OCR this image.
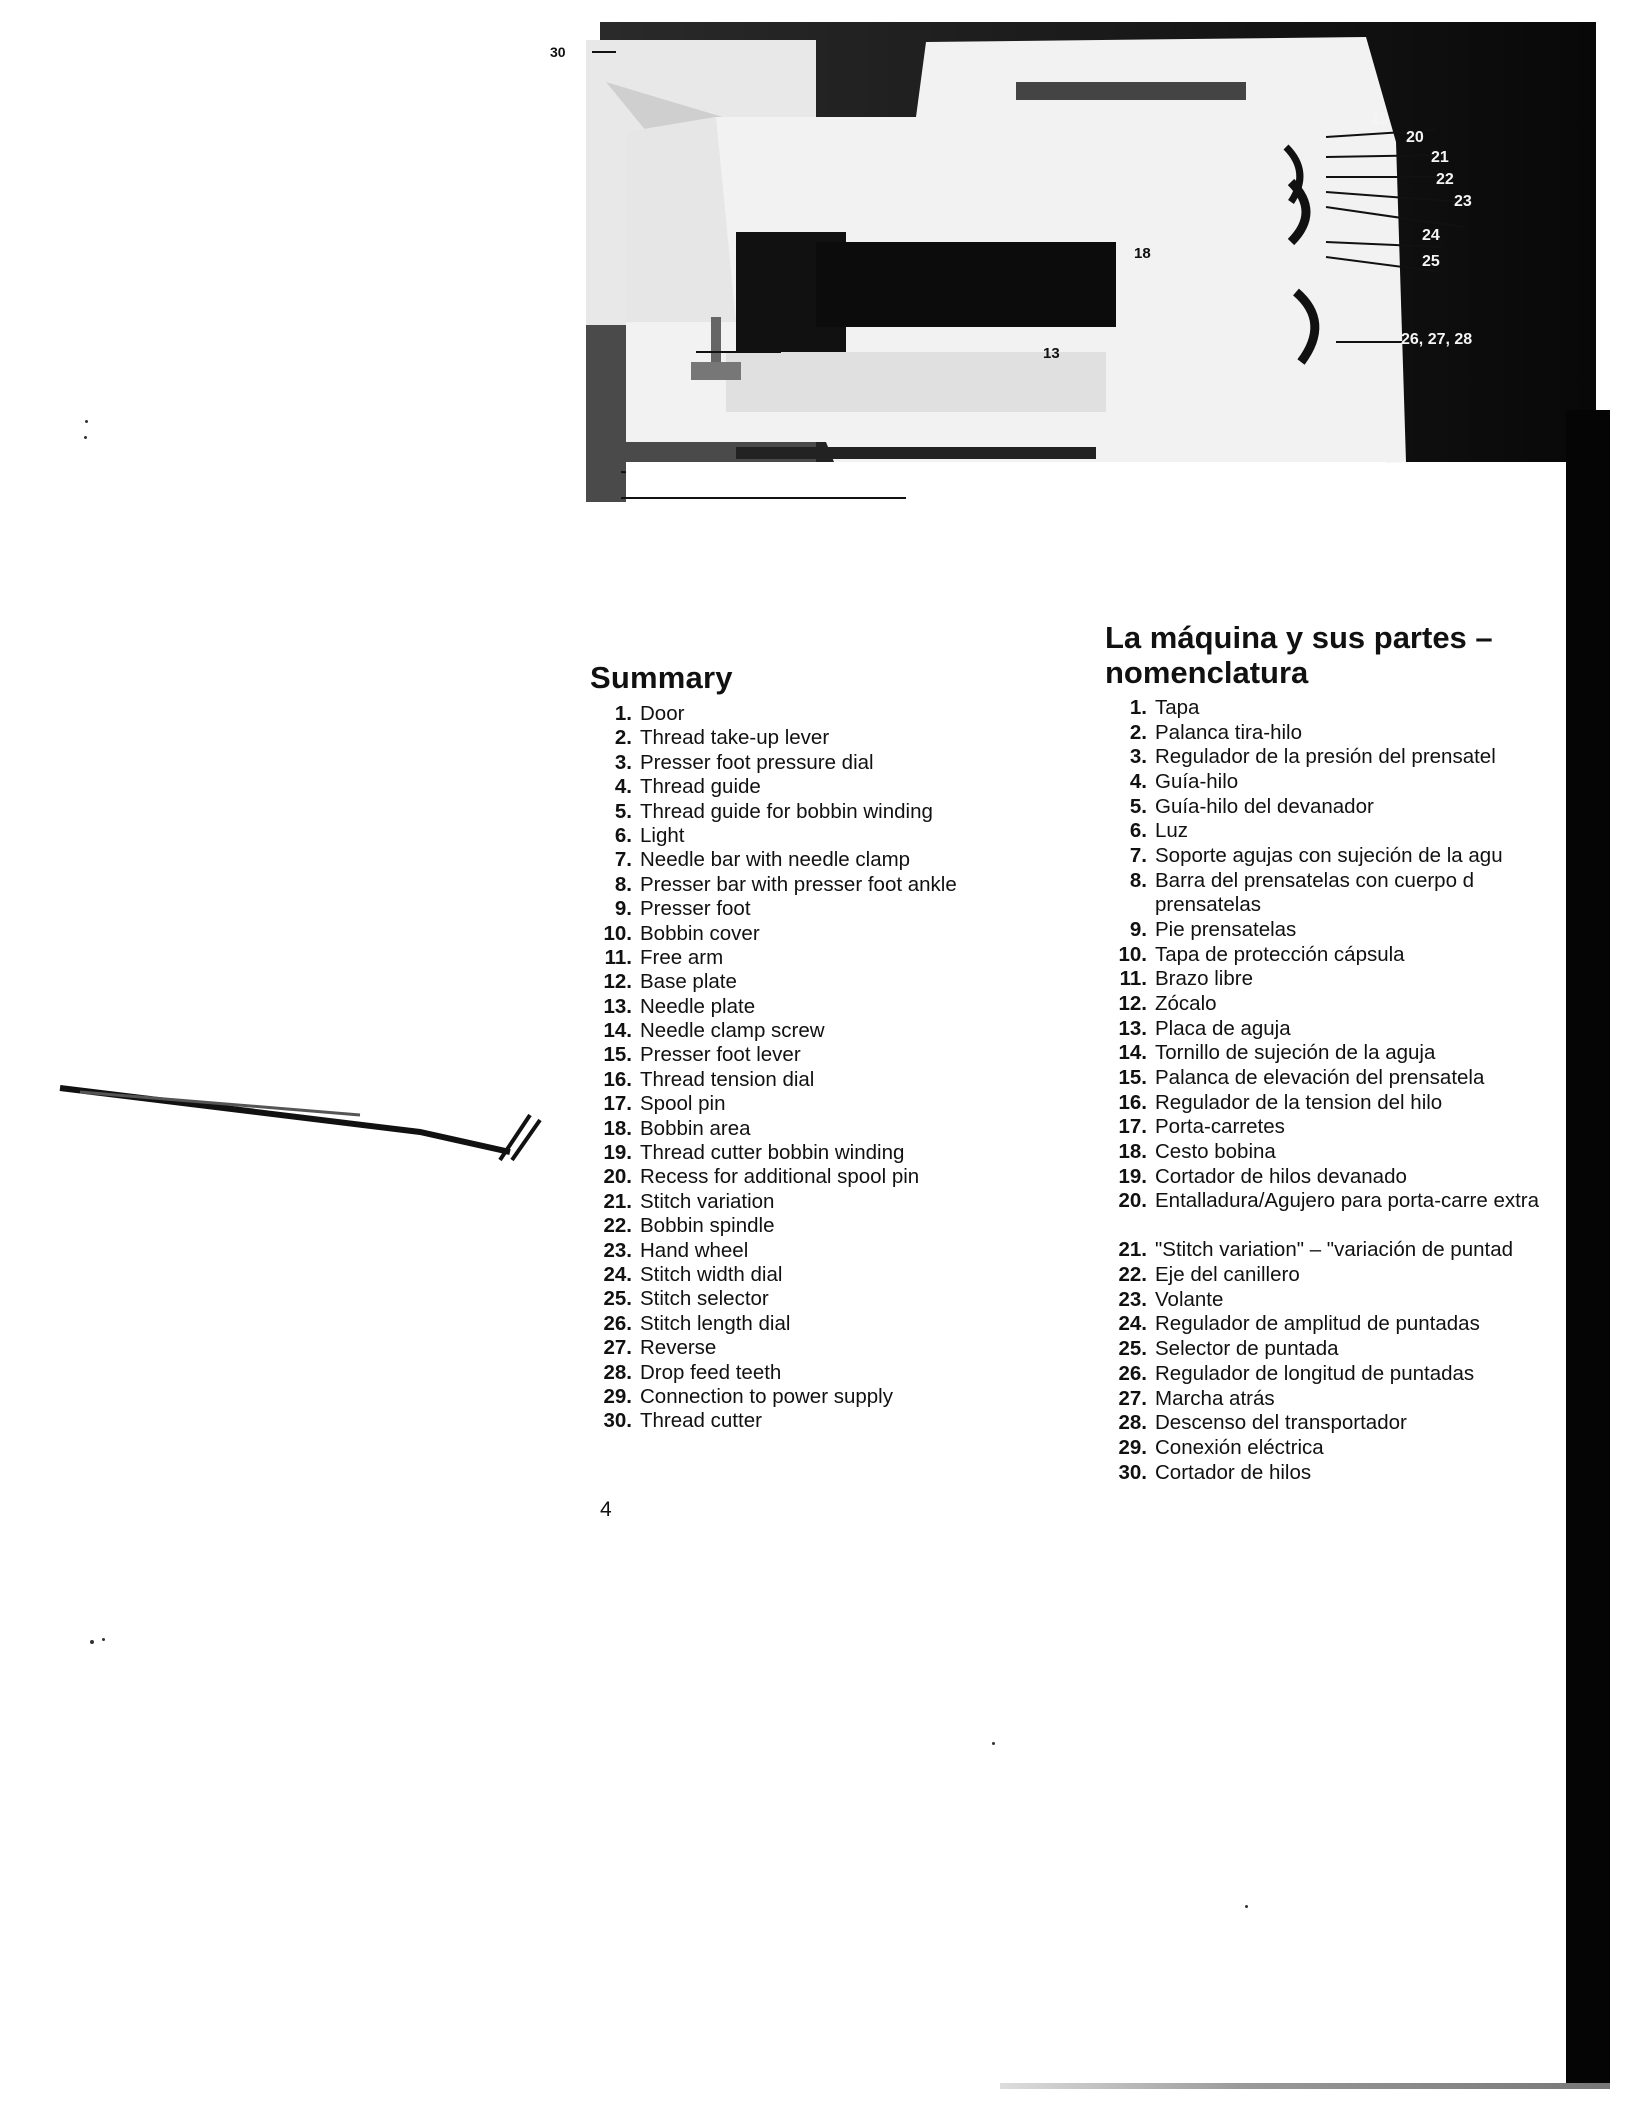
30
19
20
21
22
23
24
25
26, 27, 28
18
13
Summary
1. Door
2. Thread take-up lever
3. Presser foot pressure dial
4. Thread guide
5. Thread guide for bobbin winding
6. Light
7. Needle bar with needle clamp
8. Presser bar with presser foot ankle
9. Presser foot
10. Bobbin cover
11. Free arm
12. Base plate
13. Needle plate
14. Needle clamp screw
15. Presser foot lever
16. Thread tension dial
17. Spool pin
18. Bobbin area
19. Thread cutter bobbin winding
20. Recess for additional spool pin
21. Stitch variation
22. Bobbin spindle
23. Hand wheel
24. Stitch width dial
25. Stitch selector
26. Stitch length dial
27. Reverse
28. Drop feed teeth
29. Connection to power supply
30. Thread cutter
La máquina y sus partes –
nomenclatura
1. Tapa
2. Palanca tira-hilo
3. Regulador de la presión del prensatel
4. Guía-hilo
5. Guía-hilo del devanador
6. Luz
7. Soporte agujas con sujeción de la agu
8. Barra del prensatelas con cuerpo d prensatelas
9. Pie prensatelas
10. Tapa de protección cápsula
11. Brazo libre
12. Zócalo
13. Placa de aguja
14. Tornillo de sujeción de la aguja
15. Palanca de elevación del prensatela
16. Regulador de la tension del hilo
17. Porta-carretes
18. Cesto bobina
19. Cortador de hilos devanado
20. Entalladura/Agujero para porta-carre extra
21. "Stitch variation" – "variación de puntad
22. Eje del canillero
23. Volante
24. Regulador de amplitud de puntadas
25. Selector de puntada
26. Regulador de longitud de puntadas
27. Marcha atrás
28. Descenso del transportador
29. Conexión eléctrica
30. Cortador de hilos
4
